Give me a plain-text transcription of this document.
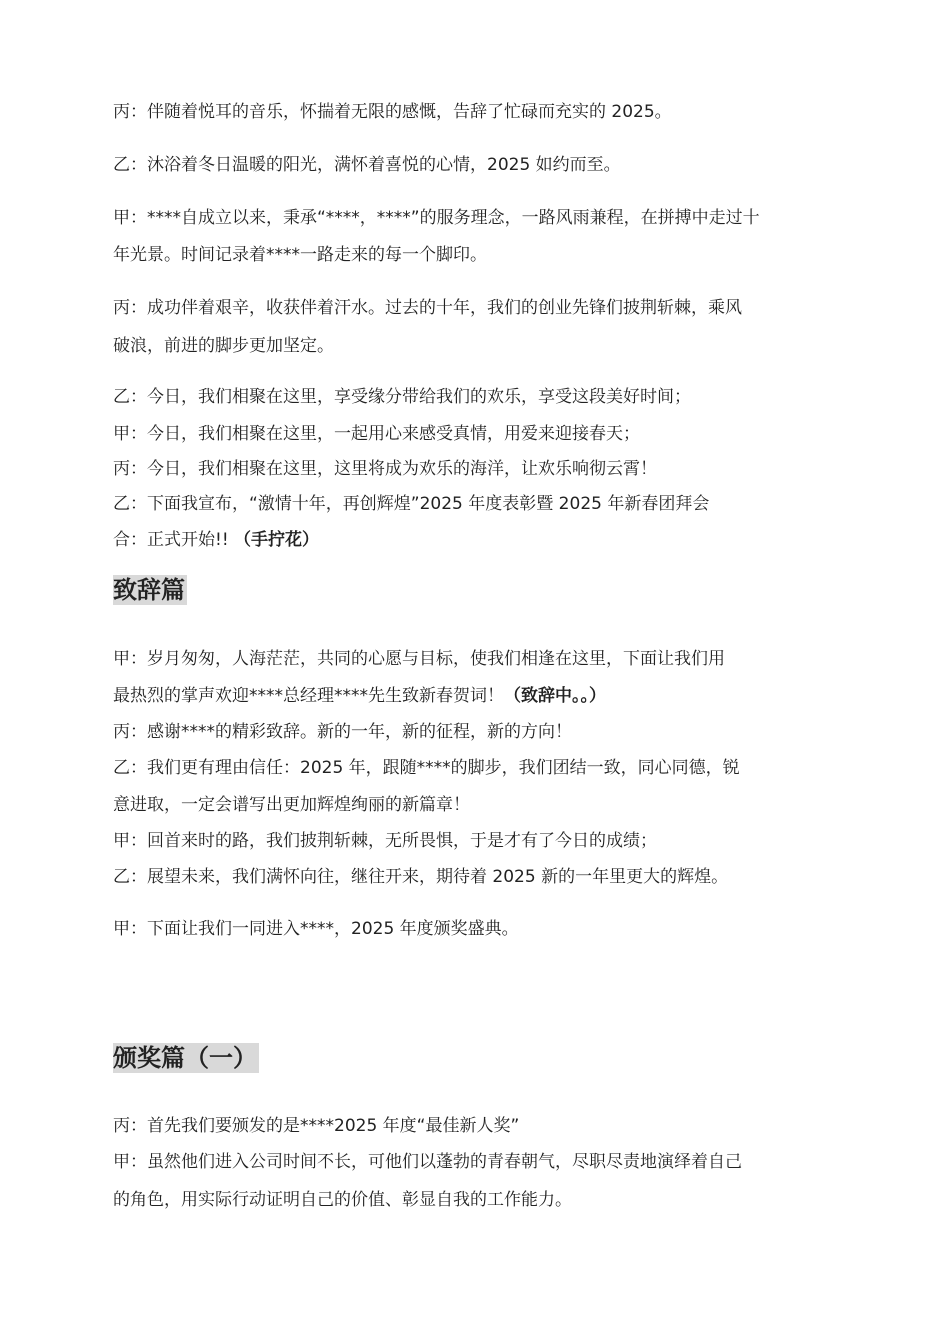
丙：伴随着悦耳的音乐，怀揣着无限的感慨，告辞了忙碌而充实的 2025。
乙：沐浴着冬日温暖的阳光，满怀着喜悦的心情，2025 如约而至。
甲：****自成立以来，秉承“****，****”的服务理念，一路风雨兼程，在拼搏中走过十
年光景。时间记录着****一路走来的每一个脚印。
丙：成功伴着艰辛，收获伴着汗水。过去的十年，我们的创业先锋们披荆斩棘，乘风
破浪，前进的脚步更加坚定。
乙：今日，我们相聚在这里，享受缘分带给我们的欢乐，享受这段美好时间；
甲：今日，我们相聚在这里，一起用心来感受真情，用爱来迎接春天；
丙：今日，我们相聚在这里，这里将成为欢乐的海洋，让欢乐响彻云霄！
乙：下面我宣布，“激情十年，再创辉煌”2025 年度表彰暨 2025 年新春团拜会
合：正式开始!! （手拧花）
致辞篇
甲：岁月匆匆，人海茫茫，共同的心愿与目标，使我们相逢在这里，下面让我们用
最热烈的掌声欢迎****总经理****先生致新春贺词！（致辞中。。）
丙：感谢****的精彩致辞。新的一年，新的征程，新的方向！
乙：我们更有理由信任：2025 年，跟随****的脚步，我们团结一致，同心同德，锐
意进取，一定会谱写出更加辉煌绚丽的新篇章！
甲：回首来时的路，我们披荆斩棘，无所畏惧，于是才有了今日的成绩；
乙：展望未来，我们满怀向往，继往开来，期待着 2025 新的一年里更大的辉煌。
甲：下面让我们一同进入****，2025 年度颁奖盛典。
颁奖篇（一）
丙：首先我们要颁发的是****2025 年度“最佳新人奖”
甲：虽然他们进入公司时间不长，可他们以蓬勃的青春朝气，尽职尽责地演绎着自己
的角色，用实际行动证明自己的价值、彰显自我的工作能力。
